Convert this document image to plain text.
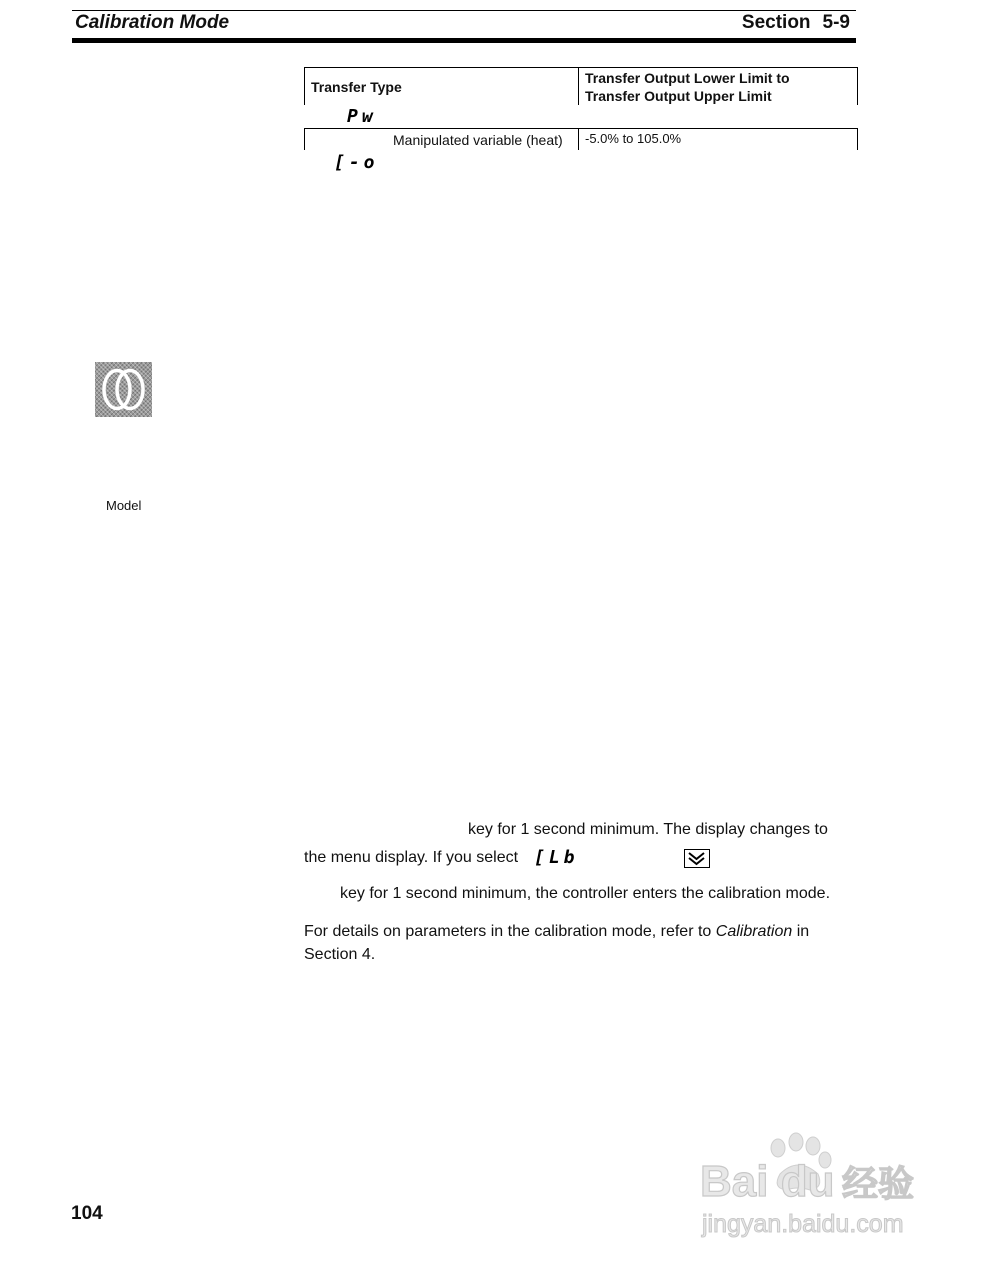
Calibration Mode	Section 5‑9
Transfer Type
Transfer Output Lower Limit to
Transfer Output Upper Limit
Pw
Manipulated variable (heat) -5.0% to 105.0%
[-o
Model
key for 1 second minimum. The display changes to
the menu display. If you select [Lb
key for 1 second minimum, the controller enters the calibration mode.
For details on parameters in the calibration mode, refer to Calibration in
Section 4.
104
Bai du 经验
jingyan.baidu.com
